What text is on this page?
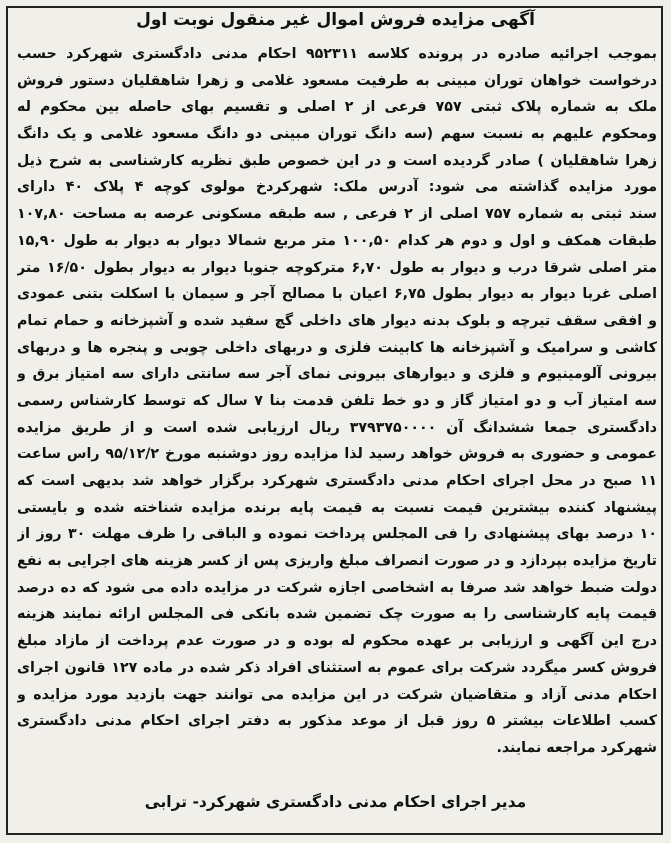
آگهی مزایده فروش اموال غیر منقول نوبت اول
بموجب اجرائیه صادره در پرونده کلاسه ۹۵۲۳۱۱ احکام مدنی دادگستری شهرکرد حسب
درخواست خواهان توران مبینی به طرفیت مسعود غلامی و زهرا شاهقلیان دستور فروش
ملک به شماره پلاک ثبتی ۷۵۷ فرعی از ۲ اصلی و تقسیم بهای حاصله بین محکوم له
ومحکوم علیهم به نسبت سهم (سه دانگ توران مبینی دو دانگ مسعود غلامی و یک دانگ
زهرا شاهقلیان ) صادر گردیده است و در این خصوص طبق نظریه کارشناسی به شرح ذیل
مورد مزایده گذاشته می شود: آدرس ملک: شهرکردخ مولوی کوچه ۴ پلاک ۴۰ دارای
سند ثبتی به شماره ۷۵۷ اصلی از ۲ فرعی , سه طبقه مسکونی عرصه به مساحت ۱۰۷,۸۰
طبقات همکف و اول و دوم هر کدام ۱۰۰,۵۰ متر مربع شمالا دیوار به دیوار به طول ۱۵,۹۰
متر اصلی شرقا درب و دیوار به طول ۶,۷۰ مترکوچه جنوبا دیوار به دیوار بطول ۱۶/۵۰ متر
اصلی غربا دیوار به دیوار بطول ۶,۷۵ اعیان با مصالح آجر و سیمان با اسکلت بتنی عمودی
و افقی سقف تیرچه و بلوک بدنه دیوار های داخلی گچ سفید شده و آشپزخانه و حمام تمام
کاشی و سرامیک و آشپزخانه ها کابینت فلزی و دربهای داخلی چوبی و پنجره ها و دربهای
بیرونی آلومینیوم و فلزی و دیوارهای بیرونی نمای آجر سه سانتی دارای سه امتیاز برق و
سه امتیاز آب و دو امتیاز گاز و دو خط تلفن قدمت بنا ۷ سال که توسط کارشناس رسمی
دادگستری جمعا ششدانگ آن ۳۷۹۳۷۵۰۰۰۰ ریال ارزیابی شده است و از طریق مزایده
عمومی و حضوری به فروش خواهد رسید لذا مزایده روز دوشنبه مورخ ۹۵/۱۲/۲ راس ساعت
۱۱ صبح در محل اجرای احکام مدنی دادگستری شهرکرد برگزار خواهد شد بدیهی است که
پیشنهاد کننده بیشترین قیمت نسبت به قیمت پایه برنده مزایده شناخته شده و بایستی
۱۰ درصد بهای پیشنهادی را فی المجلس پرداخت نموده و الباقی را ظرف مهلت ۳۰ روز از
تاریخ مزایده بپردازد و در صورت انصراف مبلغ واریزی پس از کسر هزینه های اجرایی به نفع
دولت ضبط خواهد شد صرفا به اشخاصی اجازه شرکت در مزایده داده می شود که ده درصد
قیمت پایه کارشناسی را به صورت چک تضمین شده بانکی فی المجلس ارائه نمایند هزینه
درج این آگهی و ارزیابی بر عهده محکوم له بوده و در صورت عدم پرداخت از مازاد مبلغ
فروش کسر میگردد شرکت برای عموم به استثنای افراد ذکر شده در ماده ۱۲۷ قانون اجرای
احکام مدنی آزاد و متقاضیان شرکت در این مزایده می توانند جهت بازدید مورد مزایده و
کسب اطلاعات بیشتر ۵ روز قبل از موعد مذکور به دفتر اجرای احکام مدنی دادگستری
شهرکرد مراجعه نمایند.
مدیر اجرای احکام مدنی دادگستری شهرکرد- ترابی
